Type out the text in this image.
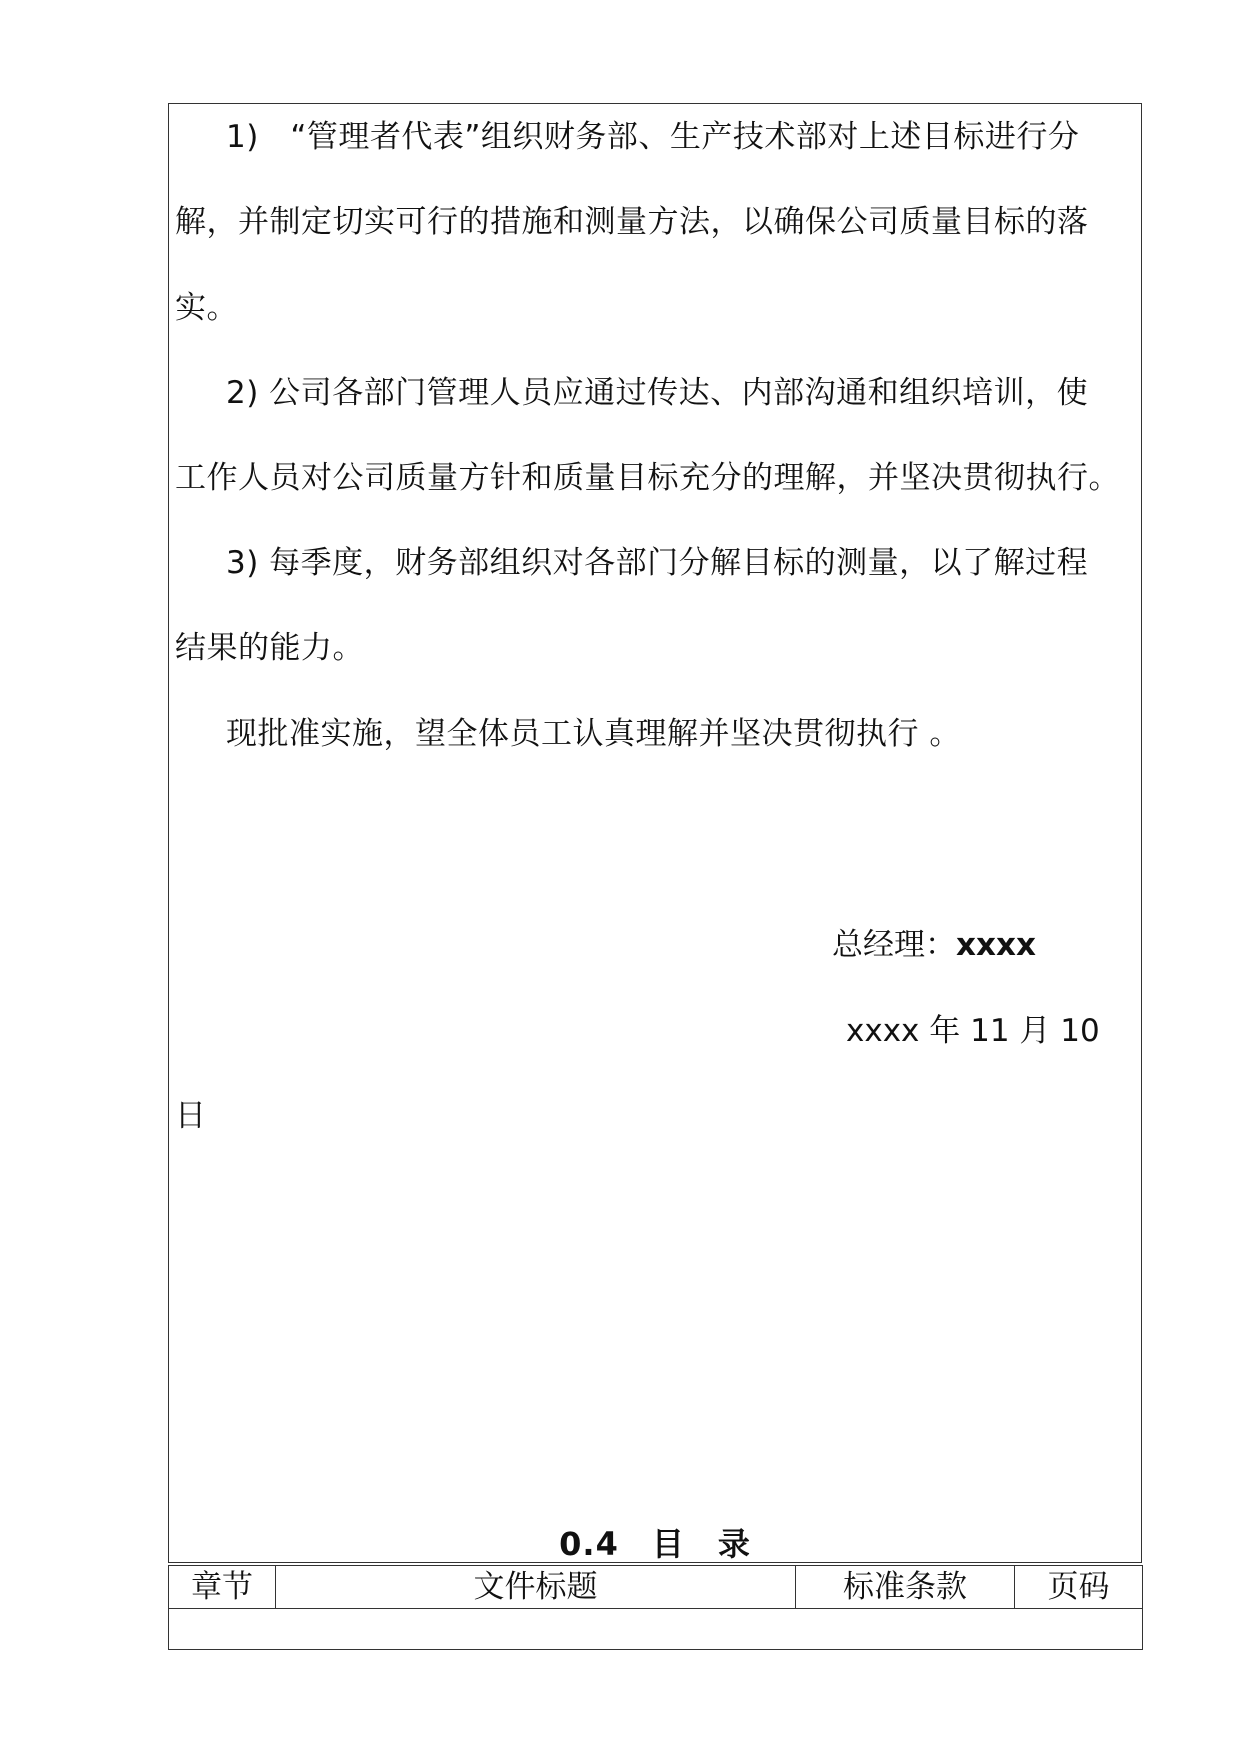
1)　“管理者代表”组织财务部、生产技术部对上述目标进行分
解，并制定切实可行的措施和测量方法，以确保公司质量目标的落
实。
2) 公司各部门管理人员应通过传达、内部沟通和组织培训，使
工作人员对公司质量方针和质量目标充分的理解，并坚决贯彻执行。
3) 每季度，财务部组织对各部门分解目标的测量，以了解过程
结果的能力。
现批准实施，望全体员工认真理解并坚决贯彻执行 。
总经理：xxxx
xxxx 年 11 月 10
日
0.4　目　录
章节	文件标题	标准条款	页码
